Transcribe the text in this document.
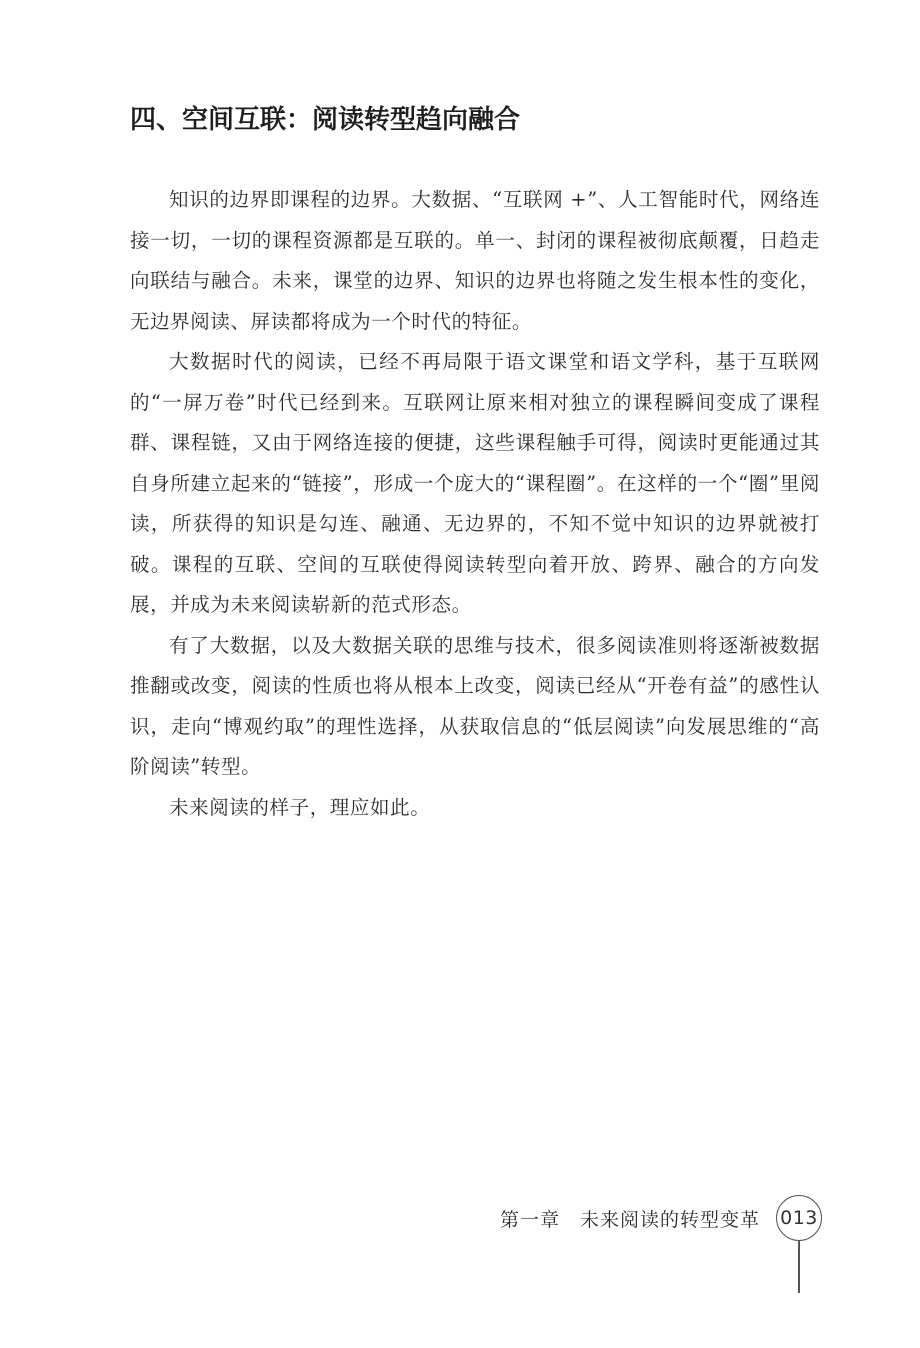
四、空间互联：阅读转型趋向融合

知识的边界即课程的边界。大数据、“互联网 +”、人工智能时代，网络连接一切，一切的课程资源都是互联的。单一、封闭的课程被彻底颠覆，日趋走向联结与融合。未来，课堂的边界、知识的边界也将随之发生根本性的变化，无边界阅读、屏读都将成为一个时代的特征。

大数据时代的阅读，已经不再局限于语文课堂和语文学科，基于互联网的“一屏万卷”时代已经到来。互联网让原来相对独立的课程瞬间变成了课程群、课程链，又由于网络连接的便捷，这些课程触手可得，阅读时更能通过其自身所建立起来的“链接”，形成一个庞大的“课程圈”。在这样的一个“圈”里阅读，所获得的知识是勾连、融通、无边界的，不知不觉中知识的边界就被打破。课程的互联、空间的互联使得阅读转型向着开放、跨界、融合的方向发展，并成为未来阅读崭新的范式形态。

有了大数据，以及大数据关联的思维与技术，很多阅读准则将逐渐被数据推翻或改变，阅读的性质也将从根本上改变，阅读已经从“开卷有益”的感性认识，走向“博观约取”的理性选择，从获取信息的“低层阅读”向发展思维的“高阶阅读”转型。

未来阅读的样子，理应如此。

第一章　未来阅读的转型变革 013
